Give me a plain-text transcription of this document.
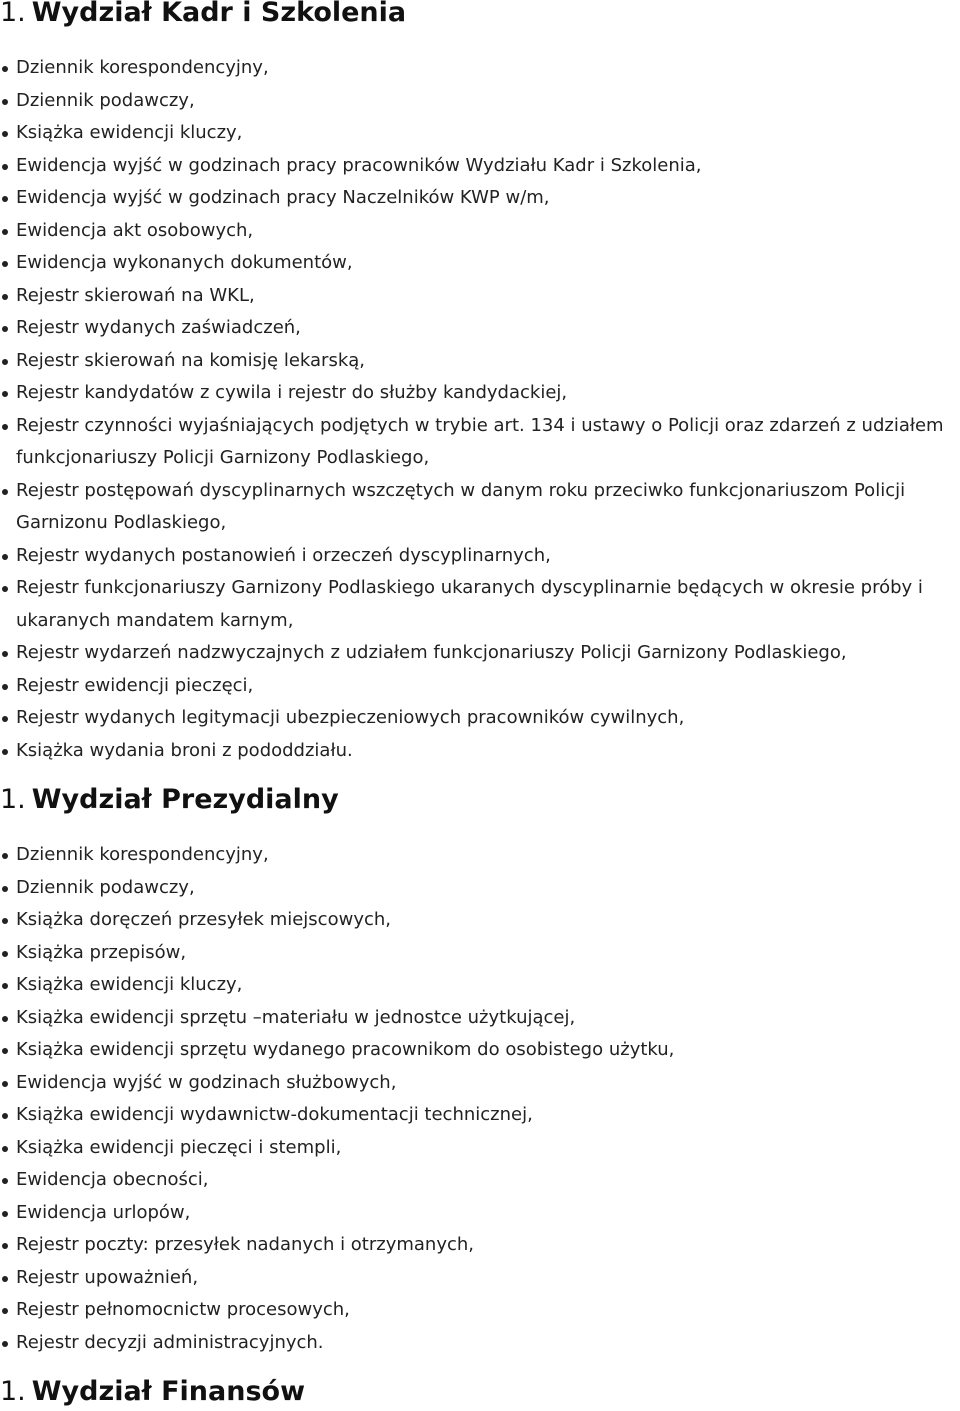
1. Wydział Kadr i Szkolenia
Dziennik korespondencyjny,
Dziennik podawczy,
Książka ewidencji kluczy,
Ewidencja wyjść w godzinach pracy pracowników Wydziału Kadr i Szkolenia,
Ewidencja wyjść w godzinach pracy Naczelników KWP w/m,
Ewidencja akt osobowych,
Ewidencja wykonanych dokumentów,
Rejestr skierowań na WKL,
Rejestr wydanych zaświadczeń,
Rejestr skierowań na komisję lekarską,
Rejestr kandydatów z cywila i rejestr do służby kandydackiej,
Rejestr czynności wyjaśniających podjętych w trybie art. 134 i ustawy o Policji oraz zdarzeń z udziałem funkcjonariuszy Policji Garnizony Podlaskiego,
Rejestr postępowań dyscyplinarnych wszczętych w danym roku przeciwko funkcjonariuszom Policji Garnizonu Podlaskiego,
Rejestr wydanych postanowień i orzeczeń dyscyplinarnych,
Rejestr funkcjonariuszy Garnizony Podlaskiego ukaranych dyscyplinarnie będących w okresie próby i ukaranych mandatem karnym,
Rejestr wydarzeń nadzwyczajnych z udziałem funkcjonariuszy Policji Garnizony Podlaskiego,
Rejestr ewidencji pieczęci,
Rejestr wydanych legitymacji ubezpieczeniowych pracowników cywilnych,
Książka wydania broni z pododdziału.
1. Wydział Prezydialny
Dziennik korespondencyjny,
Dziennik podawczy,
Książka doręczeń przesyłek miejscowych,
Książka przepisów,
Książka ewidencji kluczy,
Książka ewidencji sprzętu –materiału w jednostce użytkującej,
Książka ewidencji sprzętu wydanego pracownikom do osobistego użytku,
Ewidencja wyjść w godzinach służbowych,
Książka ewidencji wydawnictw-dokumentacji technicznej,
Książka ewidencji pieczęci i stempli,
Ewidencja obecności,
Ewidencja urlopów,
Rejestr poczty: przesyłek nadanych i otrzymanych,
Rejestr upoważnień,
Rejestr pełnomocnictw procesowych,
Rejestr decyzji administracyjnych.
1. Wydział Finansów
